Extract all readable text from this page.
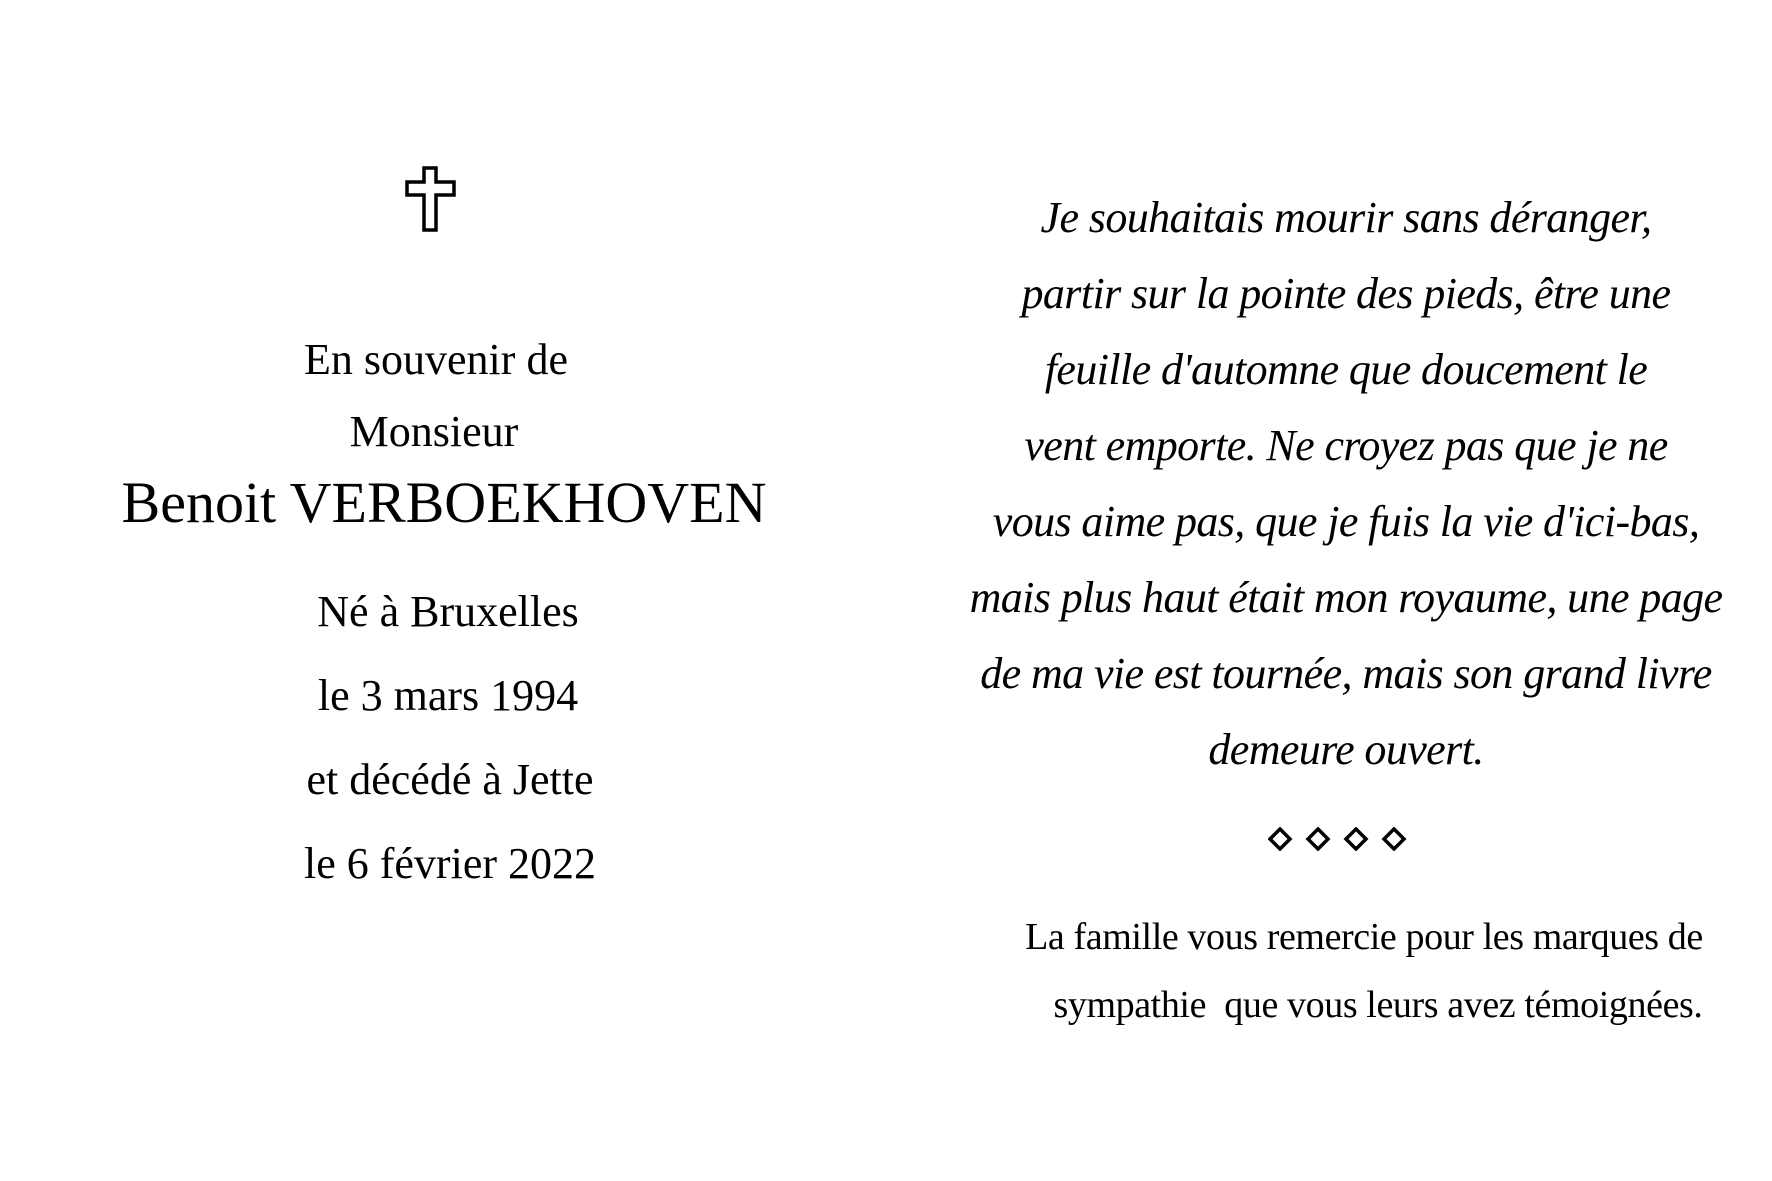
En souvenir de
Monsieur
Benoit VERBOEKHOVEN
Né à Bruxelles
le 3 mars 1994
et décédé à Jette
le 6 février 2022
Je souhaitais mourir sans déranger,
partir sur la pointe des pieds, être une
feuille d'automne que doucement le
vent emporte. Ne croyez pas que je ne
vous aime pas, que je fuis la vie d'ici-bas,
mais plus haut était mon royaume, une page
de ma vie est tournée, mais son grand livre
demeure ouvert.
La famille vous remercie pour les marques de
sympathie  que vous leurs avez témoignées.
